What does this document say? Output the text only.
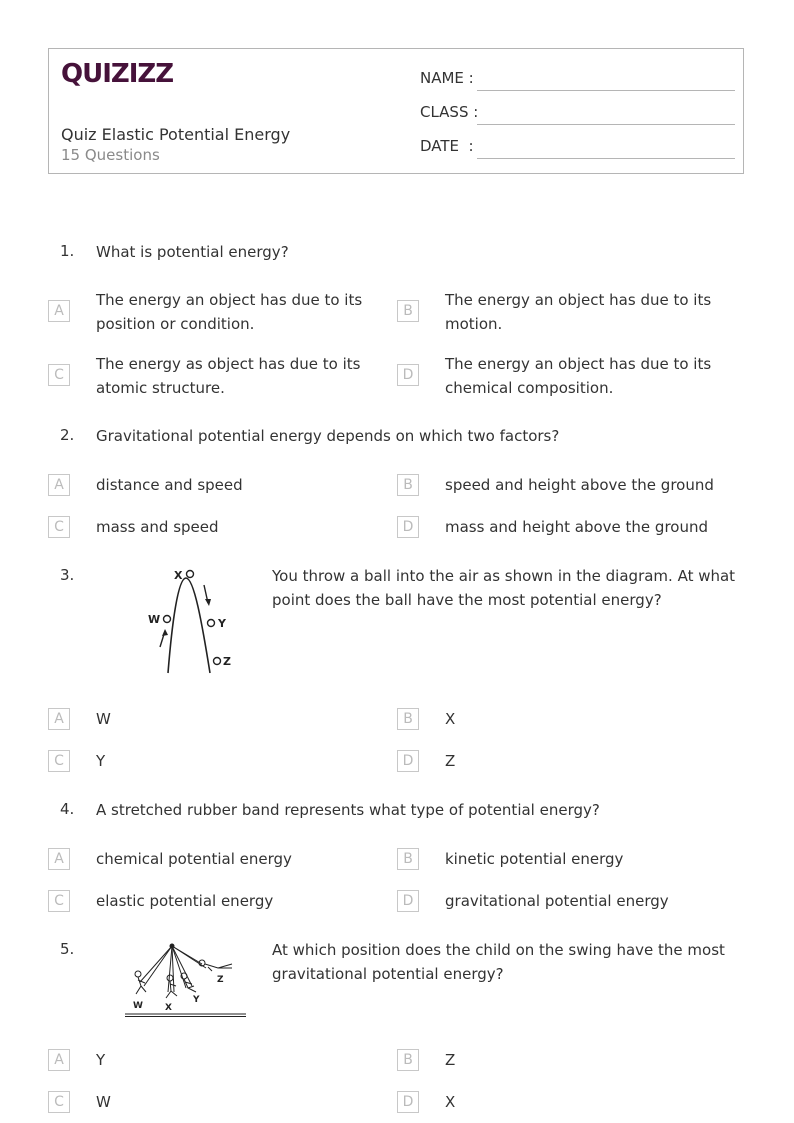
QUIZIZZ
Quiz Elastic Potential Energy
15 Questions
NAME :
CLASS :
DATE  :
1. What is potential energy?
A
The energy an object has due to its position or condition.
B
The energy an object has due to its motion.
C
The energy as object has due to its atomic structure.
D
The energy an object has due to its chemical composition.
2. Gravitational potential energy depends on which two factors?
A	distance and speed	B	speed and height above the ground
C	mass and speed	D	mass and height above the ground
3.	X
W	Y
Z
You throw a ball into the air as shown in the diagram. At what point does the ball have the most potential energy?
A	W	B	X
C	Y	D	Z
4. A stretched rubber band represents what type of potential energy?
A	chemical potential energy	B	kinetic potential energy
C	elastic potential energy	D	gravitational potential energy
5.
W X
Y
Z
At which position does the child on the swing have the most gravitational potential energy?
A	Y	B	Z
C	W	D	X
